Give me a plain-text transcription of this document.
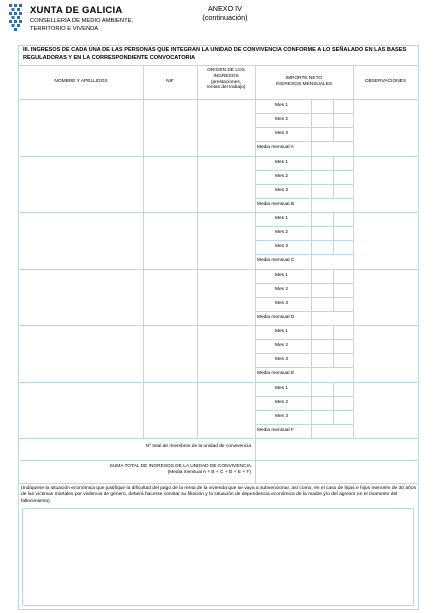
XUNTA DE GALICIA
CONSELLERÍA DE MEDIO AMBIENTE,
TERRITORIO E VIVENDA
ANEXO IV
(continuación)
III. INGRESOS DE CADA UNA DE LAS PERSONAS QUE INTEGRAN LA UNIDAD DE CONVIVENCIA CONFORME A LO SEÑALADO EN LAS BASES REGULADORAS Y EN LA CORRESPONDIENTE CONVOCATORIA
NOMBRE Y APELLIDOS	NIF
ORIGEN DE LOS
INGRESOS
(prestaciones,
rentas del trabajo)
IMPORTE NETO
INGRESOS MENSUALES
OBSERVACIONES
Mes 1
Mes 2
Mes 3
Media mensual A
Mes 1
Mes 2
Mes 3
Media mensual B
Mes 1
Mes 2
Mes 3
Media mensual C
Mes 1
Mes 2
Mes 3
Media mensual D
Mes 1
Mes 2
Mes 3
Media mensual E
Mes 1
Mes 2
Mes 3
Media mensual F
Nº total de miembros de la unidad de convivencia
SUMA TOTAL DE INGRESOS DE LA UNIDAD DE CONVIVENCIA
(Media mensual A + B + C + D + E + F)
(Indíquese la situación económica que justifique la dificultad del pago de la renta de la vivienda que se vaya a subvencionar, así como, en el caso de hijas e hijos menores de 30 años de las víctimas mortales por violencia de género, deberá hacerse constar su filiación y la situación de dependencia económica de la madre y/o del agresor en el momento del fallecimiento)
